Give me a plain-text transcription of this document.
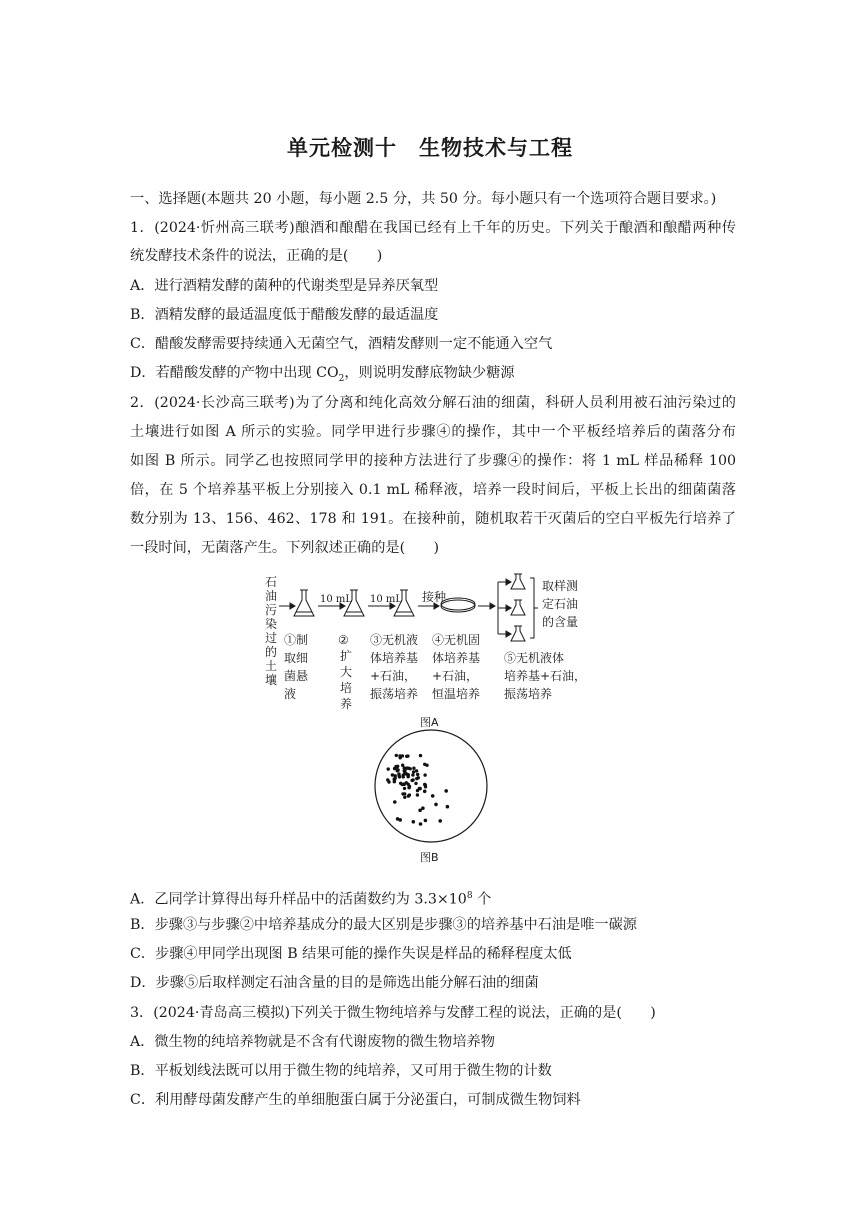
单元检测十　生物技术与工程
一、选择题(本题共 20 小题，每小题 2.5 分，共 50 分。每小题只有一个选项符合题目要求。)
1．(2024·忻州高三联考)酿酒和酿醋在我国已经有上千年的历史。下列关于酿酒和酿醋两种传
统发酵技术条件的说法，正确的是(　　)
A．进行酒精发酵的菌种的代谢类型是异养厌氧型
B．酒精发酵的最适温度低于醋酸发酵的最适温度
C．醋酸发酵需要持续通入无菌空气，酒精发酵则一定不能通入空气
D．若醋酸发酵的产物中出现 $CO_2$，则说明发酵底物缺少糖源
2．(2024·长沙高三联考)为了分离和纯化高效分解石油的细菌，科研人员利用被石油污染过的
土壤进行如图 A 所示的实验。同学甲进行步骤④的操作，其中一个平板经培养后的菌落分布
如图 B 所示。同学乙也按照同学甲的接种方法进行了步骤④的操作：将 1 mL 样品稀释 100
倍，在 5 个培养基平板上分别接入 0.1 mL 稀释液，培养一段时间后，平板上长出的细菌菌落
数分别为 13、156、462、178 和 191。在接种前，随机取若干灭菌后的空白平板先行培养了
一段时间，无菌落产生。下列叙述正确的是(　　)
石
油
污
染
过
的
土
壤
10 mL 10 mL 接种
取样测
定石油
的含量
①制
取细
菌悬
液
②
扩
大
培
养
③无机液
体培养基
+石油，
振荡培养
④无机固
体培养基
+石油，
恒温培养
⑤无机液体
培养基+石油，
振荡培养
图A
图B
A．乙同学计算得出每升样品中的活菌数约为 $3.3\times 10^8$ 个
B．步骤③与步骤②中培养基成分的最大区别是步骤③的培养基中石油是唯一碳源
C．步骤④甲同学出现图 B 结果可能的操作失误是样品的稀释程度太低
D．步骤⑤后取样测定石油含量的目的是筛选出能分解石油的细菌
3．(2024·青岛高三模拟)下列关于微生物纯培养与发酵工程的说法，正确的是(　　)
A．微生物的纯培养物就是不含有代谢废物的微生物培养物
B．平板划线法既可以用于微生物的纯培养，又可用于微生物的计数
C．利用酵母菌发酵产生的单细胞蛋白属于分泌蛋白，可制成微生物饲料
